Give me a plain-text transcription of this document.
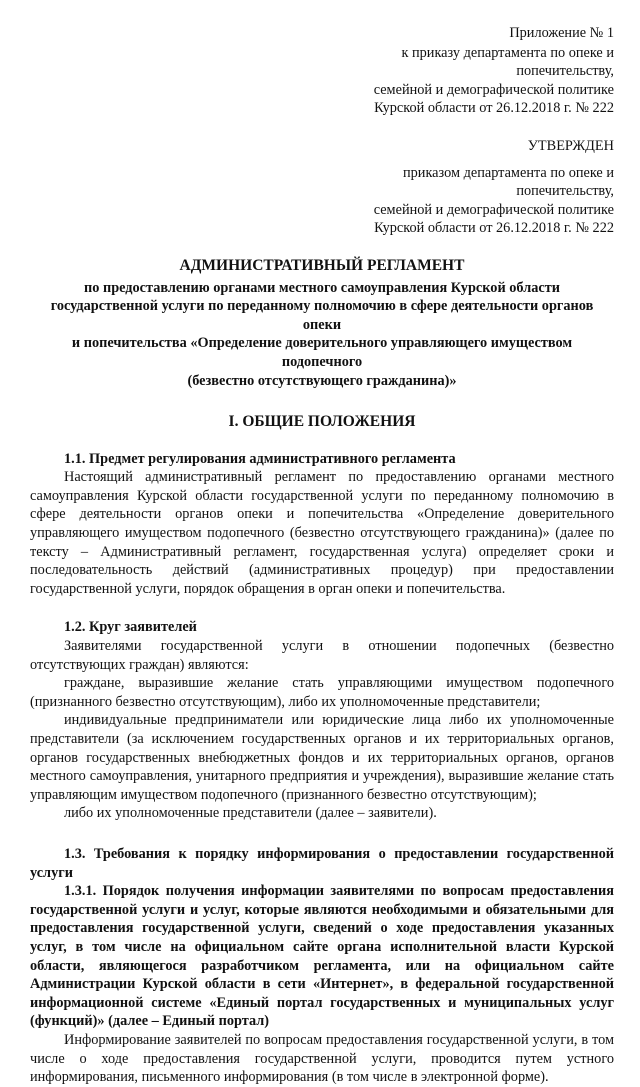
Приложение № 1
к приказу департамента по опеке и попечительству,
семейной и демографической политике
Курской области от 26.12.2018 г. № 222
УТВЕРЖДЕН
приказом департамента по опеке и попечительству,
семейной и демографической политике
Курской области от 26.12.2018 г. № 222
АДМИНИСТРАТИВНЫЙ РЕГЛАМЕНТ
по предоставлению органами местного самоуправления Курской области
государственной услуги по переданному полномочию в сфере деятельности органов опеки
и попечительства «Определение доверительного управляющего имуществом подопечного
(безвестно отсутствующего гражданина)»
I. ОБЩИЕ ПОЛОЖЕНИЯ

1.1. Предмет регулирования административного регламента

Настоящий административный регламент по предоставлению органами местного самоуправления Курской области государственной услуги по переданному полномочию в сфере деятельности органов опеки и попечительства «Определение доверительного управляющего имуществом подопечного (безвестно отсутствующего гражданина)» (далее по тексту – Административный регламент, государственная услуга) определяет сроки и последовательность действий (административных процедур) при предоставлении государственной услуги, порядок обращения в орган опеки и попечительства.

1.2. Круг заявителей

Заявителями государственной услуги в отношении подопечных (безвестно отсутствующих граждан) являются:

граждане, выразившие желание стать управляющими имуществом подопечного (признанного безвестно отсутствующим), либо их уполномоченные представители;

индивидуальные предприниматели или юридические лица либо их уполномоченные представители (за исключением государственных органов и их территориальных органов, органов государственных внебюджетных фондов и их территориальных органов, органов местного самоуправления, унитарного предприятия и учреждения), выразившие желание стать управляющим имуществом подопечного (признанного безвестно отсутствующим);

либо их уполномоченные представители (далее – заявители).

1.3. Требования к порядку информирования о предоставлении государственной услуги

1.3.1. Порядок получения информации заявителями по вопросам предоставления государственной услуги и услуг, которые являются необходимыми и обязательными для предоставления государственной услуги, сведений о ходе предоставления указанных услуг, в том числе на официальном сайте органа исполнительной власти Курской области, являющегося разработчиком регламента, или на официальном сайте Администрации Курской области в сети «Интернет», в федеральной государственной информационной системе «Единый портал государственных и муниципальных услуг (функций)» (далее – Единый портал)

Информирование заявителей по вопросам предоставления государственной услуги, в том числе о ходе предоставления государственной услуги, проводится путем устного информирования, письменного информирования (в том числе в электронной форме).
